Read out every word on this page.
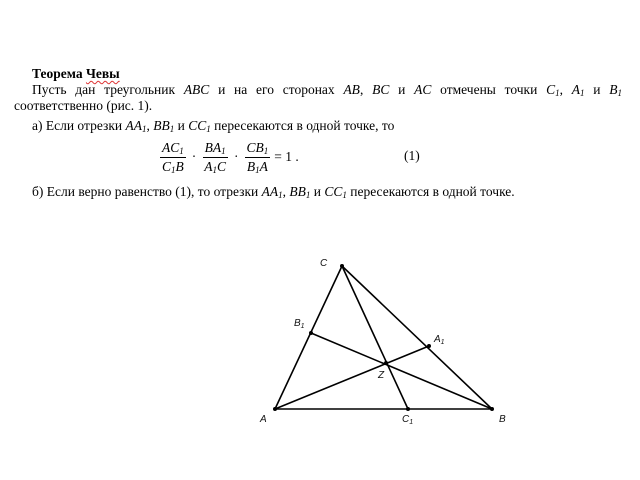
Теорема Чевы
Пусть дан треугольник ABC и на его сторонах AB, BC и AC отмечены точки $C_1$, $A_1$ и $B_1$
соответственно (рис. 1).
а) Если отрезки $AA_1$, $BB_1$ и $CC_1$ пересекаются в одной точке, то
$\frac{AC_1}{C_1B} \cdot \frac{BA_1}{A_1C} \cdot \frac{CB_1}{B_1A} = 1$ .	(1)
б) Если верно равенство (1), то отрезки $AA_1$, $BB_1$ и $CC_1$ пересекаются в одной точке.
A	B
C
$A_1$
$B_1$
$C_1$
Z
